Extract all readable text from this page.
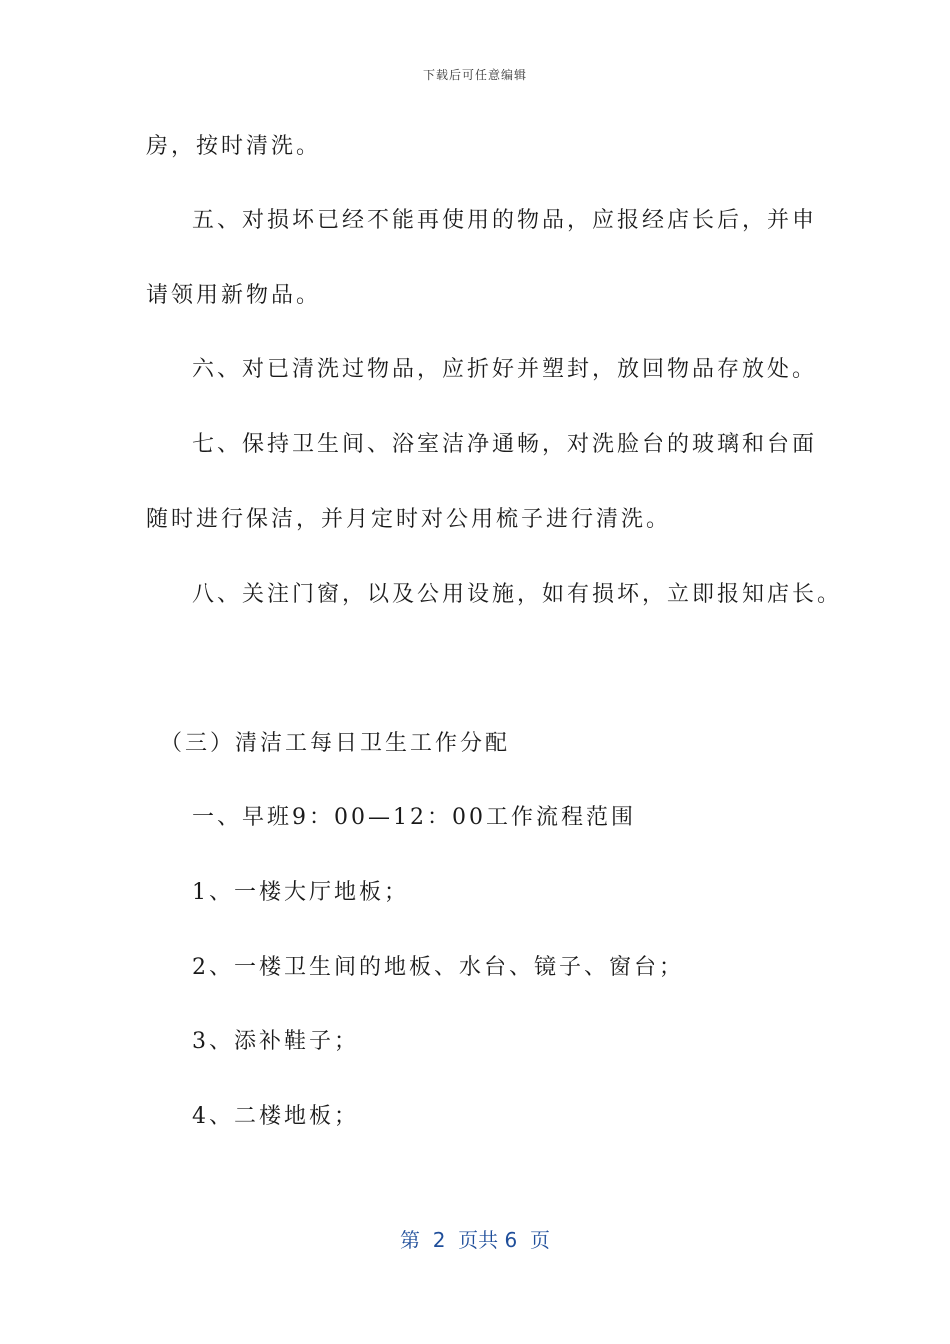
下载后可任意编辑
房，按时清洗。
五、对损坏已经不能再使用的物品，应报经店长后，并申
请领用新物品。
六、对已清洗过物品，应折好并塑封，放回物品存放处。
七、保持卫生间、浴室洁净通畅，对洗脸台的玻璃和台面
随时进行保洁，并月定时对公用梳子进行清洗。
八、关注门窗，以及公用设施，如有损坏，立即报知店长。
（三）清洁工每日卫生工作分配
一、早班9：00—12：00工作流程范围
1、一楼大厅地板；
2、一楼卫生间的地板、水台、镜子、窗台；
3、添补鞋子；
4、二楼地板；
第  2  页共 6  页
